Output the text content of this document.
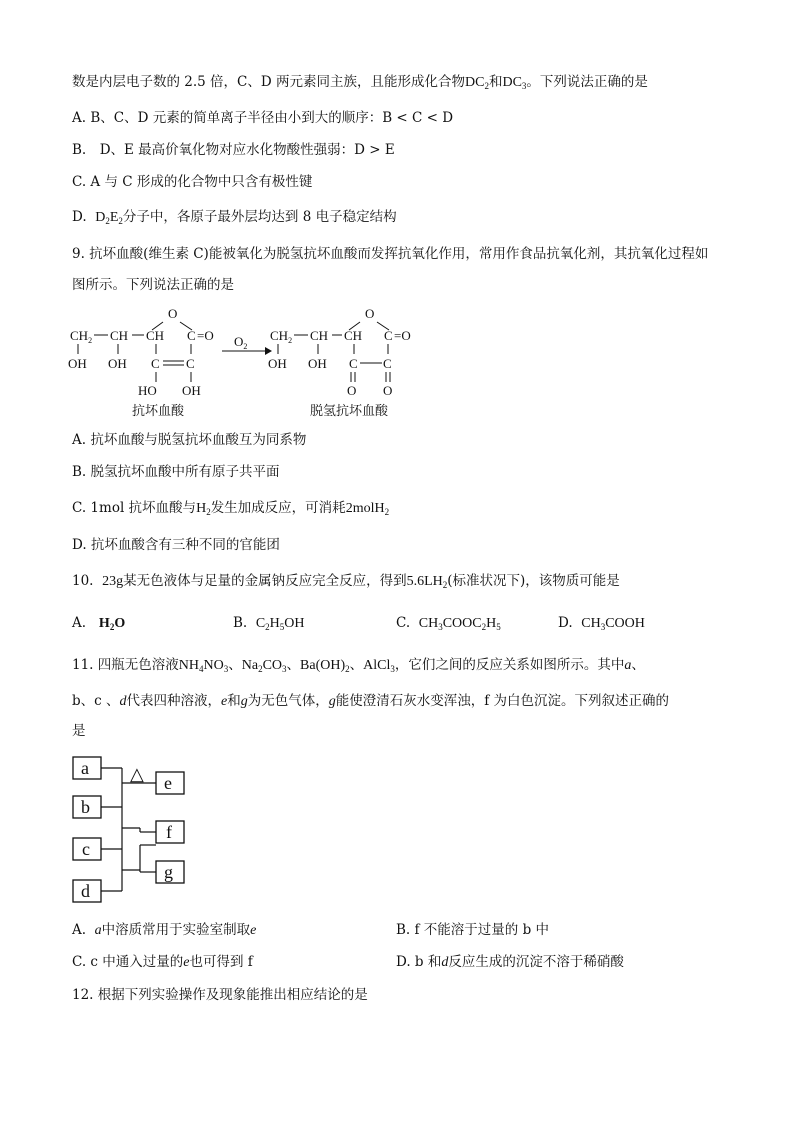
数是内层电子数的 2.5 倍，C、D 两元素同主族，且能形成化合物$DC_2$和$DC_3$。下列说法正确的是
A. B、C、D 元素的简单离子半径由小到大的顺序：B < C < D
B.　D、E 最高价氧化物对应水化物酸性强弱：D > E
C. A 与 C 形成的化合物中只含有极性键
D. $D_2E_2$分子中，各原子最外层均达到 8 电子稳定结构
9. 抗坏血酸(维生素 C)能被氧化为脱氢抗坏血酸而发挥抗氧化作用，常用作食品抗氧化剂，其抗氧化过程如
图所示。下列说法正确的是
O
$CH_2$ CH CH C =O
OH OH C C
HO OH
抗坏血酸
$O_2$
O
$CH_2$ CH CH C =O
OH OH C C
O O
脱氢抗坏血酸
A. 抗坏血酸与脱氢抗坏血酸互为同系物
B. 脱氢抗坏血酸中所有原子共平面
C. 1mol 抗坏血酸与$H_2$发生加成反应，可消耗2molH$_2$
D. 抗坏血酸含有三种不同的官能团
10. 23g某无色液体与足量的金属钠反应完全反应，得到$5.6LH_2$(标准状况下)，该物质可能是
A. $H_2O$	B. $C_2H_5OH$	C. $CH_3COOC_2H_5$	D. $CH_3COOH$
11. 四瓶无色溶液$NH_4NO_3$、$Na_2CO_3$、$Ba(OH)_2$、AlCl$_3$，它们之间的反应关系如图所示。其中a、
b、c 、d代表四种溶液，e和g为无色气体，g能使澄清石灰水变浑浊，f 为白色沉淀。下列叙述正确的
是
a
b
c
d
e
f
g
△
A. a中溶质常用于实验室制取e	B. f 不能溶于过量的 b 中
C. c 中通入过量的e也可得到 f	D. b 和d反应生成的沉淀不溶于稀硝酸
12. 根据下列实验操作及现象能推出相应结论的是
